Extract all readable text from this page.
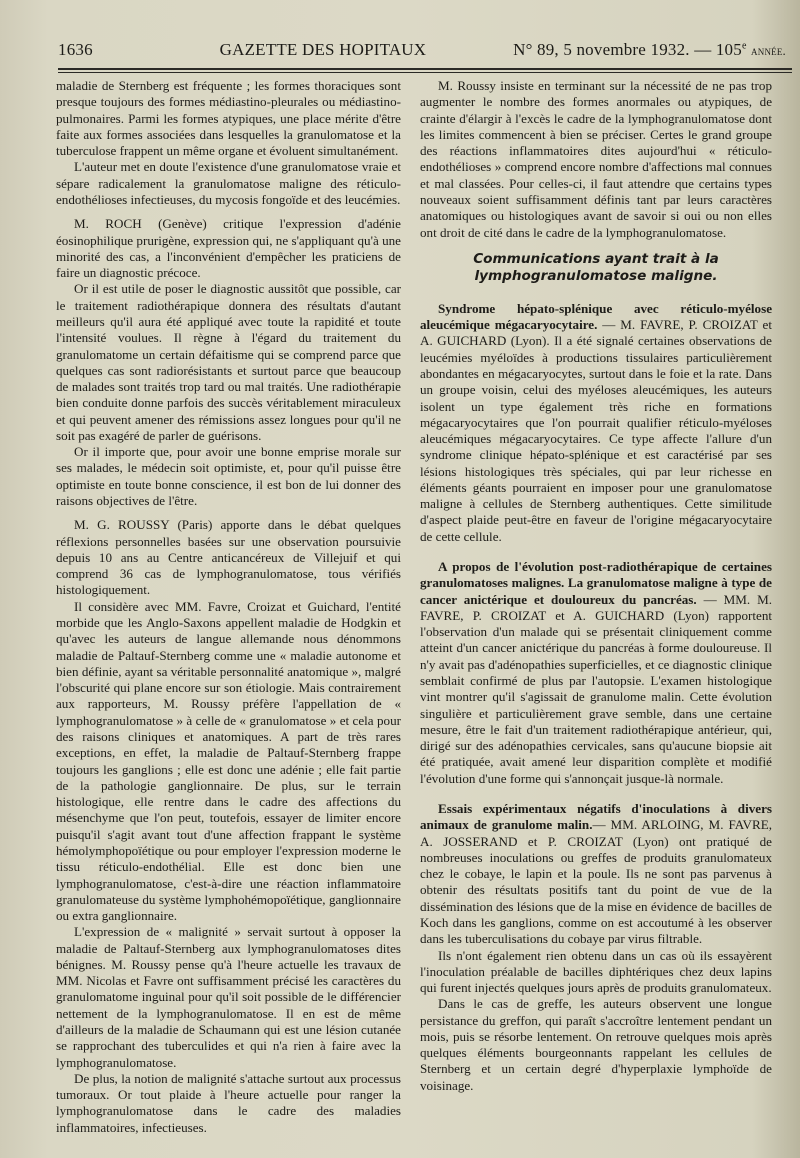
1636	GAZETTE DES HOPITAUX	N° 89, 5 novembre 1932. — 105e année.

maladie de Sternberg est fréquente ; les formes thoraciques sont presque toujours des formes médiastino-pleurales ou médiastino-pulmonaires. Parmi les formes atypiques, une place mérite d'être faite aux formes associées dans lesquelles la granulomatose et la tuberculose frappent un même organe et évoluent simultanément.

L'auteur met en doute l'existence d'une granulomatose vraie et sépare radicalement la granulomatose maligne des réticulo-endothélioses infectieuses, du mycosis fongoïde et des leucémies.

M. ROCH (Genève) critique l'expression d'adénie éosinophilique prurigène, expression qui, ne s'appliquant qu'à une minorité des cas, a l'inconvénient d'empêcher les praticiens de faire un diagnostic précoce.

Or il est utile de poser le diagnostic aussitôt que possible, car le traitement radiothérapique donnera des résultats d'autant meilleurs qu'il aura été appliqué avec toute la rapidité et toute l'intensité voulues. Il règne à l'égard du traitement du granulomatome un certain défaitisme qui se comprend parce que quelques cas sont radiorésistants et surtout parce que beaucoup de malades sont traités trop tard ou mal traités. Une radiothérapie bien conduite donne parfois des succès véritablement miraculeux et qui peuvent amener des rémissions assez longues pour qu'il ne soit pas exagéré de parler de guérisons.

Or il importe que, pour avoir une bonne emprise morale sur ses malades, le médecin soit optimiste, et, pour qu'il puisse être optimiste en toute bonne conscience, il est bon de lui donner des raisons objectives de l'être.

M. G. ROUSSY (Paris) apporte dans le débat quelques réflexions personnelles basées sur une observation poursuivie depuis 10 ans au Centre anticancéreux de Villejuif et qui comprend 36 cas de lymphogranulomatose, tous vérifiés histologiquement.

Il considère avec MM. Favre, Croizat et Guichard, l'entité morbide que les Anglo-Saxons appellent maladie de Hodgkin et qu'avec les auteurs de langue allemande nous dénommons maladie de Paltauf-Sternberg comme une « maladie autonome et bien définie, ayant sa véritable personnalité anatomique », malgré l'obscurité qui plane encore sur son étiologie. Mais contrairement aux rapporteurs, M. Roussy préfère l'appellation de « lymphogranulomatose » à celle de « granulomatose » et cela pour des raisons cliniques et anatomiques. A part de très rares exceptions, en effet, la maladie de Paltauf-Sternberg frappe toujours les ganglions ; elle est donc une adénie ; elle fait partie de la pathologie ganglionnaire. De plus, sur le terrain histologique, elle rentre dans le cadre des affections du mésenchyme que l'on peut, toutefois, essayer de limiter encore puisqu'il s'agit avant tout d'une affection frappant le système hémolymphopoïétique ou pour employer l'expression moderne le tissu réticulo-endothélial. Elle est donc bien une lymphogranulomatose, c'est-à-dire une réaction inflammatoire granulomateuse du système lymphohémopoïétique, ganglionnaire ou extra ganglionnaire.

L'expression de « malignité » servait surtout à opposer la maladie de Paltauf-Sternberg aux lymphogranulomatoses dites bénignes. M. Roussy pense qu'à l'heure actuelle les travaux de MM. Nicolas et Favre ont suffisamment précisé les caractères du granulomatome inguinal pour qu'il soit possible de le différencier nettement de la lymphogranulomatose. Il en est de même d'ailleurs de la maladie de Schaumann qui est une lésion cutanée se rapprochant des tuberculides et qui n'a rien à faire avec la lymphogranulomatose.

De plus, la notion de malignité s'attache surtout aux processus tumoraux. Or tout plaide à l'heure actuelle pour ranger la lymphogranulomatose dans le cadre des maladies inflammatoires, infectieuses.

M. Roussy insiste en terminant sur la nécessité de ne pas trop augmenter le nombre des formes anormales ou atypiques, de crainte d'élargir à l'excès le cadre de la lymphogranulomatose dont les limites commencent à bien se préciser. Certes le grand groupe des réactions inflammatoires dites aujourd'hui « réticulo-endothélioses » comprend encore nombre d'affections mal connues et mal classées. Pour celles-ci, il faut attendre que certains types nouveaux soient suffisamment définis tant par leurs caractères anatomiques ou histologiques avant de savoir si oui ou non elles ont droit de cité dans le cadre de la lymphogranulomatose.

Communications ayant trait à la lymphogranulomatose maligne.

Syndrome hépato-splénique avec réticulo-myélose aleucémique mégacaryocytaire. — M. FAVRE, P. CROIZAT et A. GUICHARD (Lyon). Il a été signalé certaines observations de leucémies myéloïdes à productions tissulaires particulièrement abondantes en mégacaryocytes, surtout dans le foie et la rate. Dans un groupe voisin, celui des myéloses aleucémiques, les auteurs isolent un type également très riche en formations mégacaryocytaires que l'on pourrait qualifier réticulo-myéloses aleucémiques mégacaryocytaires. Ce type affecte l'allure d'un syndrome clinique hépato-splénique et est caractérisé par ses lésions histologiques très spéciales, qui par leur richesse en éléments géants pourraient en imposer pour une granulomatose maligne à cellules de Sternberg authentiques. Cette similitude d'aspect plaide peut-être en faveur de l'origine mégacaryocytaire de cette cellule.

A propos de l'évolution post-radiothérapique de certaines granulomatoses malignes. La granulomatose maligne à type de cancer anictérique et douloureux du pancréas. — MM. M. FAVRE, P. CROIZAT et A. GUICHARD (Lyon) rapportent l'observation d'un malade qui se présentait cliniquement comme atteint d'un cancer anictérique du pancréas à forme douloureuse. Il n'y avait pas d'adénopathies superficielles, et ce diagnostic clinique semblait confirmé de plus par l'autopsie. L'examen histologique vint montrer qu'il s'agissait de granulome malin. Cette évolution singulière et particulièrement grave semble, dans une certaine mesure, être le fait d'un traitement radiothérapique antérieur, qui, dirigé sur des adénopathies cervicales, sans qu'aucune biopsie ait été pratiquée, avait amené leur disparition complète et modifié l'évolution d'une forme qui s'annonçait jusque-là normale.

Essais expérimentaux négatifs d'inoculations à divers animaux de granulome malin.— MM. ARLOING, M. FAVRE, A. JOSSERAND et P. CROIZAT (Lyon) ont pratiqué de nombreuses inoculations ou greffes de produits granulomateux chez le cobaye, le lapin et la poule. Ils ne sont pas parvenus à obtenir des résultats positifs tant du point de vue de la dissémination des lésions que de la mise en évidence de bacilles de Koch dans les ganglions, comme on est accoutumé à les observer dans les tuberculisations du cobaye par virus filtrable.

Ils n'ont également rien obtenu dans un cas où ils essayèrent l'inoculation préalable de bacilles diphtériques chez deux lapins qui furent injectés quelques jours après de produits granulomateux.

Dans le cas de greffe, les auteurs observent une longue persistance du greffon, qui paraît s'accroître lentement pendant un mois, puis se résorbe lentement. On retrouve quelques mois après quelques éléments bourgeonnants rappelant les cellules de Sternberg et un certain degré d'hyperplaxie lymphoïde de voisinage.
